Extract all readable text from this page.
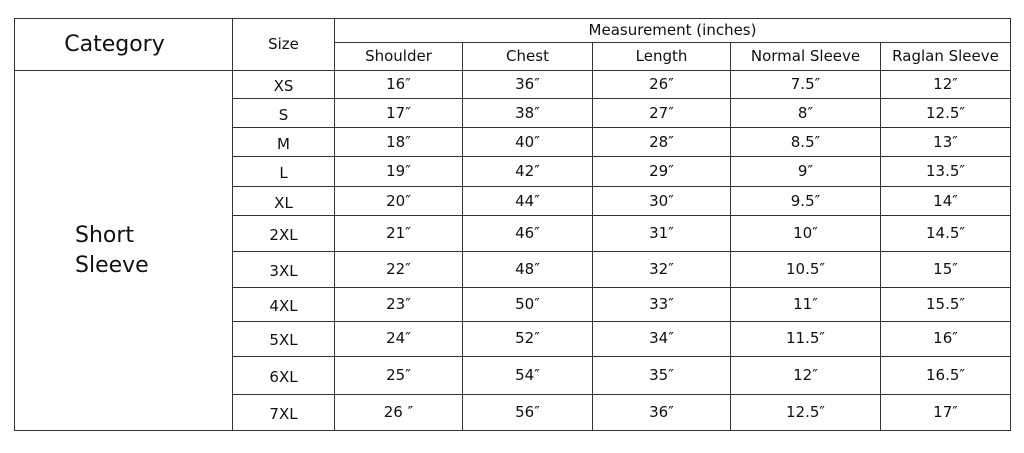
Category	Size	Measurement (inches)				
		Shoulder	Chest	Length	Normal Sleeve	Raglan Sleeve

Short
Sleeve	XS	16″	36″	26″	7.5″	12″
	S	17″	38″	27″	8″	12.5″
	M	18″	40″	28″	8.5″	13″
	L	19″	42″	29″	9″	13.5″
	XL	20″	44″	30″	9.5″	14″
	2XL	21″	46″	31″	10″	14.5″
	3XL	22″	48″	32″	10.5″	15″
	4XL	23″	50″	33″	11″	15.5″
	5XL	24″	52″	34″	11.5″	16″
	6XL	25″	54″	35″	12″	16.5″
	7XL	26 ″	56″	36″	12.5″	17″
